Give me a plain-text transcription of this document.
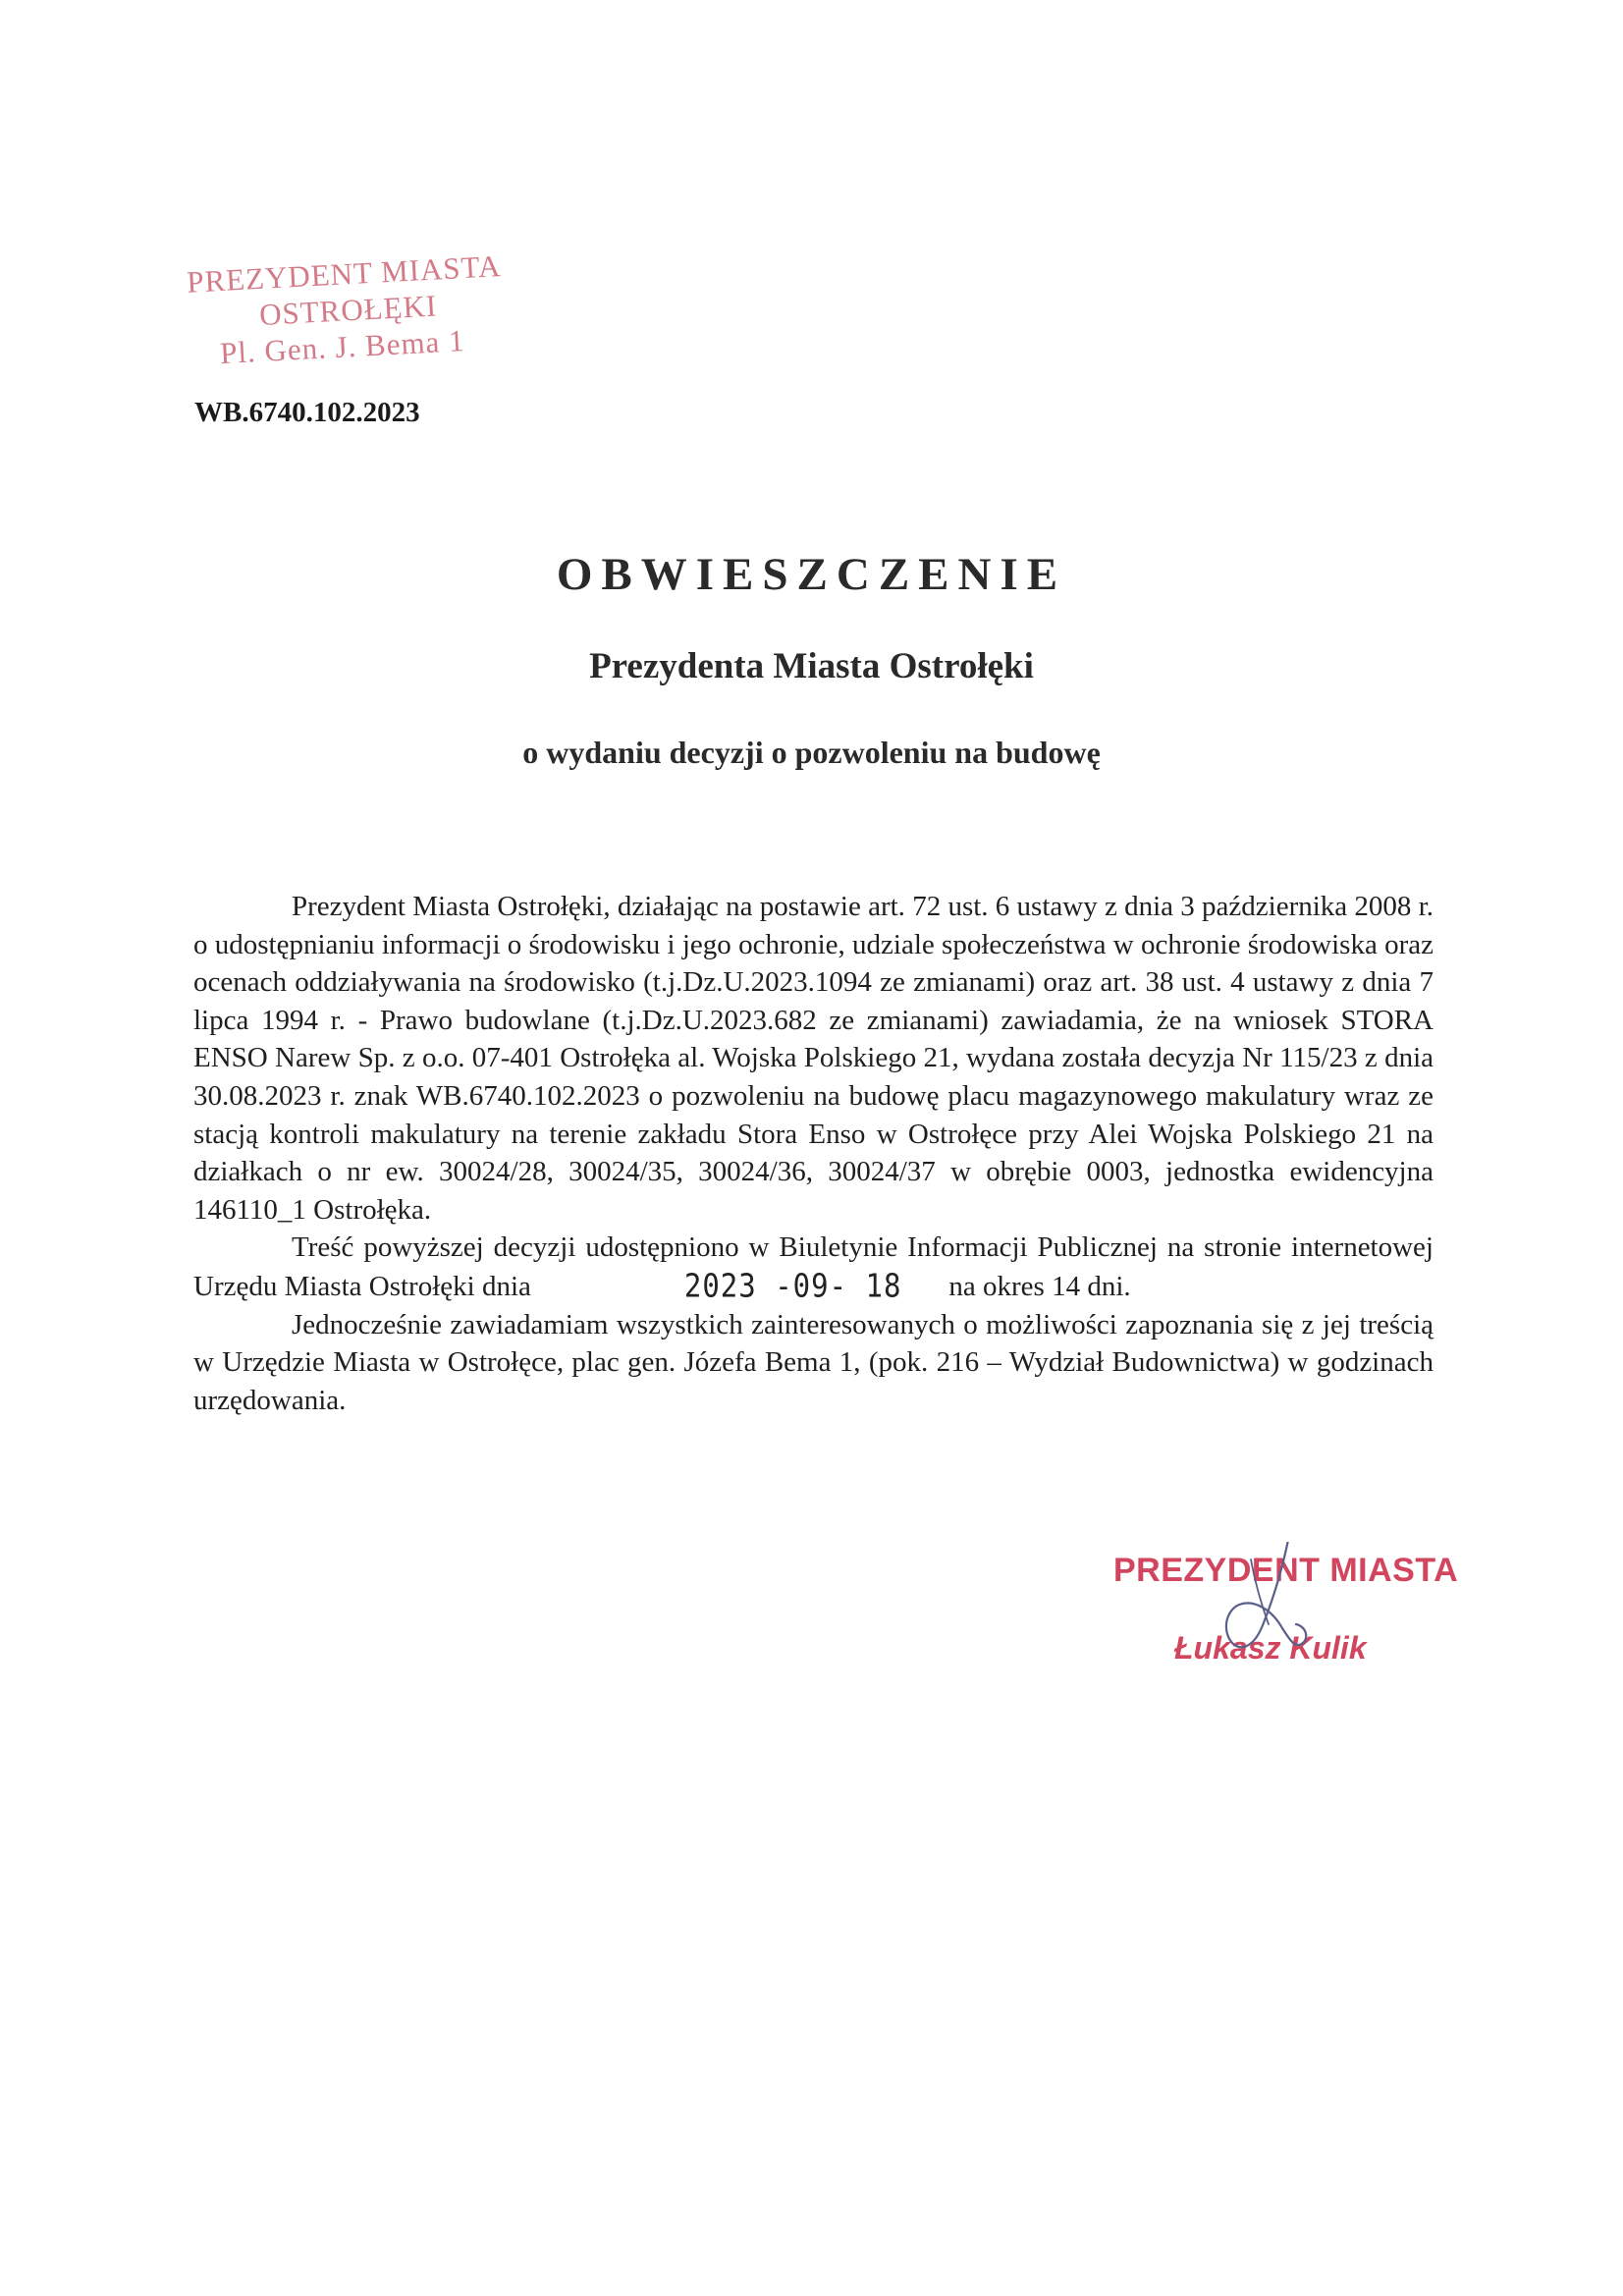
PREZYDENT MIASTA
OSTROŁĘKI
Pl. Gen. J. Bema 1
WB.6740.102.2023
OBWIESZCZENIE
Prezydenta Miasta Ostrołęki
o wydaniu decyzji o pozwoleniu na budowę

Prezydent Miasta Ostrołęki, działając na postawie art. 72 ust. 6 ustawy z dnia 3 października 2008 r. o udostępnianiu informacji o środowisku i jego ochronie, udziale społeczeństwa w ochronie środowiska oraz ocenach oddziaływania na środowisko (t.j.Dz.U.2023.1094 ze zmianami) oraz art. 38 ust. 4 ustawy z dnia 7 lipca 1994 r. - Prawo budowlane (t.j.Dz.U.2023.682 ze zmianami) zawiadamia, że na wniosek STORA ENSO Narew Sp. z o.o. 07-401 Ostrołęka al. Wojska Polskiego 21, wydana została decyzja Nr 115/23 z dnia 30.08.2023 r. znak WB.6740.102.2023 o pozwoleniu na budowę placu magazynowego makulatury wraz ze stacją kontroli makulatury na terenie zakładu Stora Enso w Ostrołęce przy Alei Wojska Polskiego 21 na działkach o nr ew. 30024/28, 30024/35, 30024/36, 30024/37 w obrębie 0003, jednostka ewidencyjna 146110_1 Ostrołęka.

Treść powyższej decyzji udostępniono w Biuletynie Informacji Publicznej na stronie internetowej Urzędu Miasta Ostrołęki dnia	2023 -09- 18 na okres 14 dni.

Jednocześnie zawiadamiam wszystkich zainteresowanych o możliwości zapoznania się z jej treścią w Urzędzie Miasta w Ostrołęce, plac gen. Józefa Bema 1, (pok. 216 – Wydział Budownictwa) w godzinach urzędowania.

PREZYDENT MIASTA
Łukasz Kulik
